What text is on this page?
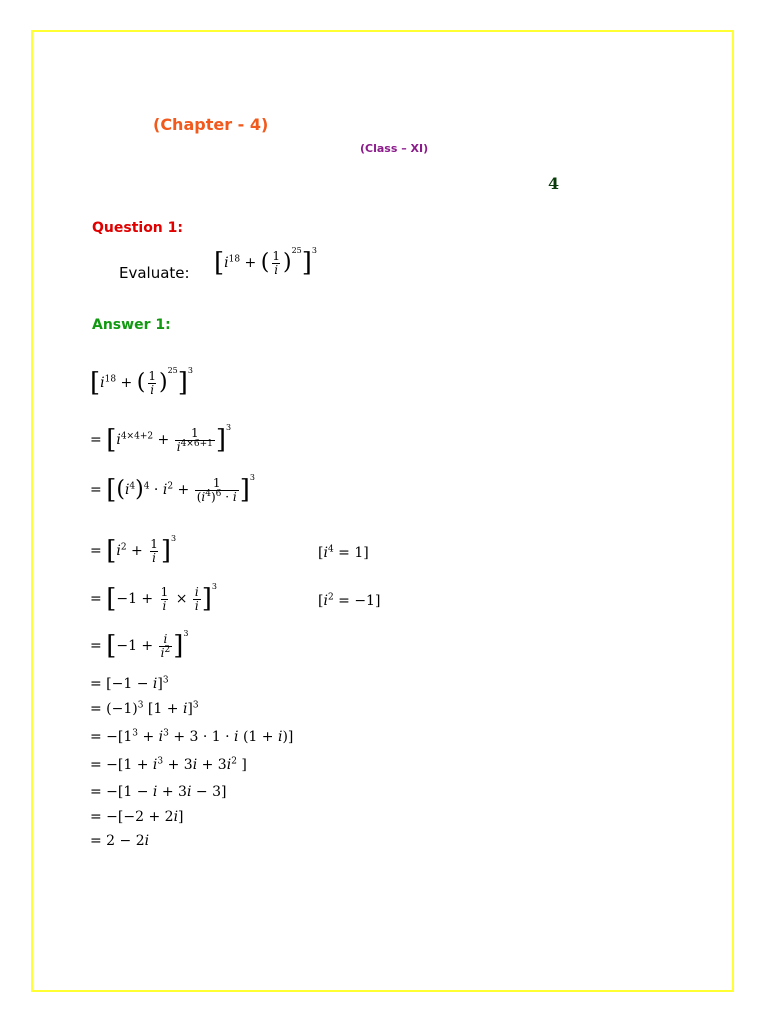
(Chapter - 4)
(Class – XI)
4
Question 1:
Evaluate: [$i^{18}$ + ( $\frac{1}{i} )^{25}]^3$
Answer 1:
[$i^{18}$ + ( $\frac{1}{i} )^{25}]^3$
= $[i^{4\times 4+2} + \frac{1}{i^{4\times 6+1}} ]^3$
= $[(i^4)^4 \cdot i^2 + \frac{1}{(i^4)^6 \cdot i} ]^3$
= $[i^2 + \frac{1}{i} ]^3$
$[i^4 = 1]$
= $[-1 + \frac{1}{i} \times \frac{i}{i} ]^3$
$[i^2 = -1]$
= $[-1 + \frac{i}{i^2} ]^3$
= $[-1 - i]^3$
= $(-1)^3$ $[1 + i]^3$
= $-[1^3 + i^3 + 3 \cdot 1 \cdot i$ (1 + i)]
= $-[1 + i^3 + 3i + 3i^2$ ]
= −[1 − i + 3i − 3]
= −[−2 + 2i]
= 2 − 2i
